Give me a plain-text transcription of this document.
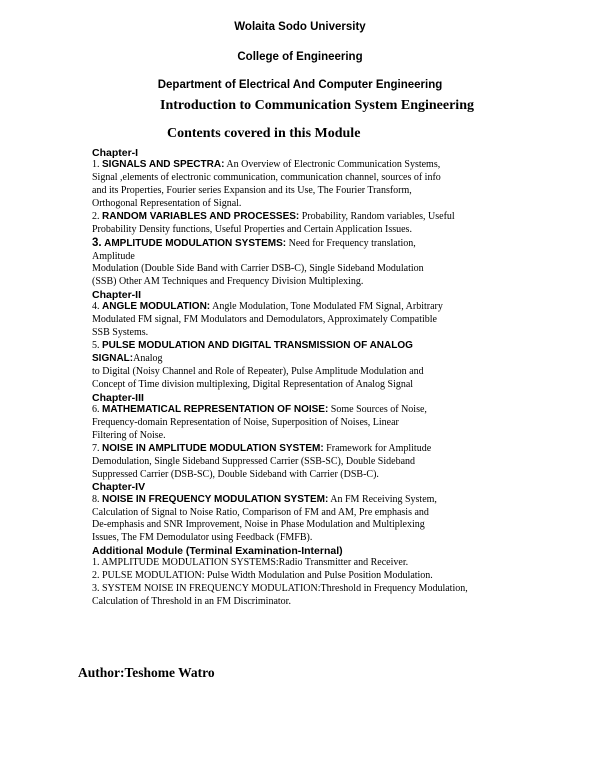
Wolaita Sodo University
College of Engineering
Department of Electrical And Computer Engineering
Introduction to Communication System Engineering
Contents covered in this Module
Chapter-I
1. SIGNALS AND SPECTRA: An Overview of Electronic Communication Systems,
Signal ,elements of electronic communication, communication channel, sources of info
and its Properties, Fourier series Expansion and its Use, The Fourier Transform,
Orthogonal Representation of Signal.
2. RANDOM VARIABLES AND PROCESSES: Probability, Random variables, Useful
Probability Density functions, Useful Properties and Certain Application Issues.
3. AMPLITUDE MODULATION SYSTEMS: Need for Frequency translation,
Amplitude
Modulation (Double Side Band with Carrier DSB-C), Single Sideband Modulation
(SSB) Other AM Techniques and Frequency Division Multiplexing.
Chapter-II
4. ANGLE MODULATION: Angle Modulation, Tone Modulated FM Signal, Arbitrary
Modulated FM signal, FM Modulators and Demodulators, Approximately Compatible
SSB Systems.
5. PULSE MODULATION AND DIGITAL TRANSMISSION OF ANALOG
SIGNAL:Analog
to Digital (Noisy Channel and Role of Repeater), Pulse Amplitude Modulation and
Concept of Time division multiplexing, Digital Representation of Analog Signal
Chapter-III
6. MATHEMATICAL REPRESENTATION OF NOISE: Some Sources of Noise,
Frequency-domain Representation of Noise, Superposition of Noises, Linear
Filtering of Noise.
7. NOISE IN AMPLITUDE MODULATION SYSTEM: Framework for Amplitude
Demodulation, Single Sideband Suppressed Carrier (SSB-SC), Double Sideband
Suppressed Carrier (DSB-SC), Double Sideband with Carrier (DSB-C).
Chapter-IV
8. NOISE IN FREQUENCY MODULATION SYSTEM: An FM Receiving System,
Calculation of Signal to Noise Ratio, Comparison of FM and AM, Pre emphasis and
De-emphasis and SNR Improvement, Noise in Phase Modulation and Multiplexing
Issues, The FM Demodulator using Feedback (FMFB).
Additional Module (Terminal Examination-Internal)
1. AMPLITUDE MODULATION SYSTEMS:Radio Transmitter and Receiver.
2. PULSE MODULATION: Pulse Width Modulation and Pulse Position Modulation.
3. SYSTEM NOISE IN FREQUENCY MODULATION:Threshold in Frequency Modulation,
Calculation of Threshold in an FM Discriminator.
Author:Teshome Watro
